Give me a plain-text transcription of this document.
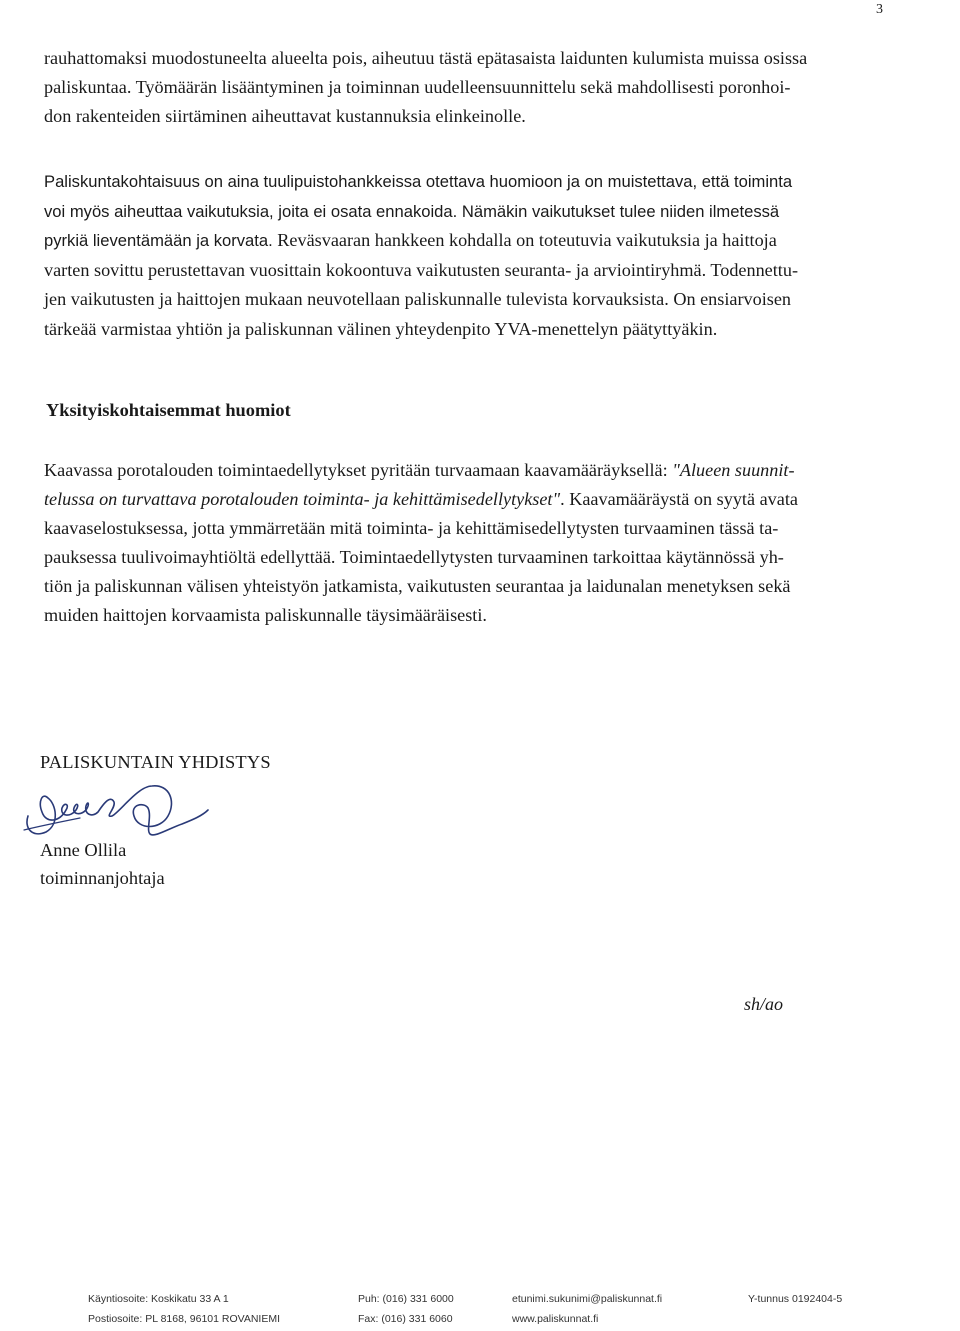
3

rauhattomaksi muodostuneelta alueelta pois, aiheutuu tästä epätasaista laidunten kulumista muissa osissa
paliskuntaa. Työmäärän lisääntyminen ja toiminnan uudelleensuunnittelu sekä mahdollisesti poronhoi-
don rakenteiden siirtäminen aiheuttavat kustannuksia elinkeinolle.

Paliskuntakohtaisuus on aina tuulipuistohankkeissa otettava huomioon ja on muistettava, että toiminta
voi myös aiheuttaa vaikutuksia, joita ei osata ennakoida. Nämäkin vaikutukset tulee niiden ilmetessä
pyrkiä lieventämään ja korvata. Reväsvaaran hankkeen kohdalla on toteutuvia vaikutuksia ja haittoja
varten sovittu perustettavan vuosittain kokoontuva vaikutusten seuranta- ja arviointiryhmä. Todennettu-
jen vaikutusten ja haittojen mukaan neuvotellaan paliskunnalle tulevista korvauksista. On ensiarvoisen
tärkeää varmistaa yhtiön ja paliskunnan välinen yhteydenpito YVA-menettelyn päätyttyäkin.

Yksityiskohtaisemmat huomiot

Kaavassa porotalouden toimintaedellytykset pyritään turvaamaan kaavamääräyksellä: "Alueen suunnit-
telussa on turvattava porotalouden toiminta- ja kehittämisedellytykset". Kaavamääräystä on syytä avata
kaavaselostuksessa, jotta ymmärretään mitä toiminta- ja kehittämisedellytysten turvaaminen tässä ta-
pauksessa tuulivoimayhtiöltä edellyttää. Toimintaedellytysten turvaaminen tarkoittaa käytännössä yh-
tiön ja paliskunnan välisen yhteistyön jatkamista, vaikutusten seurantaa ja laidunalan menetyksen sekä
muiden haittojen korvaamista paliskunnalle täysimääräisesti.

PALISKUNTAIN YHDISTYS
Anne Ollila
toiminnanjohtaja
sh/ao
Käyntiosoite: Koskikatu 33 A 1
Postiosoite: PL 8168, 96101 ROVANIEMI
Puh: (016) 331 6000
Fax: (016) 331 6060
etunimi.sukunimi@paliskunnat.fi
www.paliskunnat.fi
Y-tunnus 0192404-5
